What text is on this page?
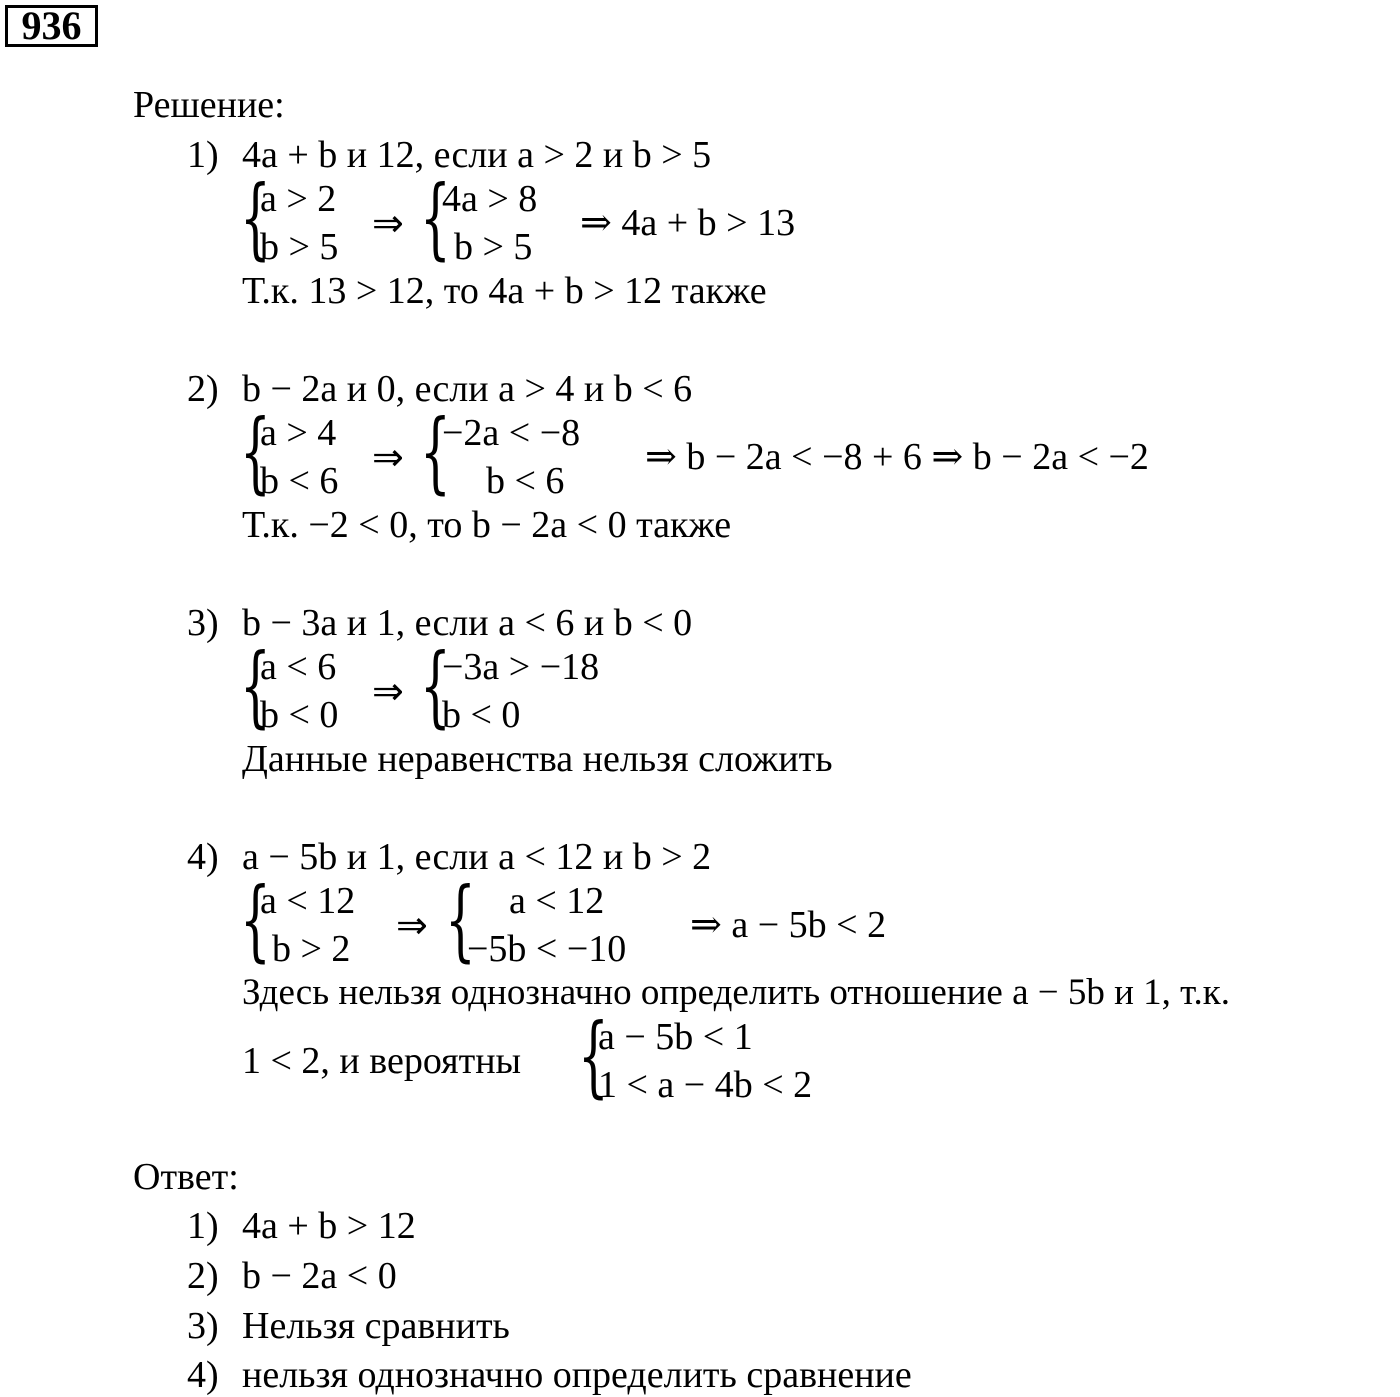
936
Решение:
1) 4a + b и 12, если a > 2 и b > 5
{
a > 2
b > 5
⇒ {
4a > 8
b > 5
⇒ 4a + b > 13
Т.к. 13 > 12, то 4a + b > 12 также
2) b − 2a и 0, если a > 4 и b < 6
{
a > 4
b < 6
⇒ {
−2a < −8
b < 6
⇒ b − 2a < −8 + 6 ⇒ b − 2a < −2
Т.к. −2 < 0, то b − 2a < 0 также
3) b − 3a и 1, если a < 6 и b < 0
{
a < 6
b < 0
⇒ {
−3a > −18
b < 0
Данные неравенства нельзя сложить
4) a − 5b и 1, если a < 12 и b > 2
{
a < 12
b > 2
⇒ { a < 12
−5b < −10
⇒ a − 5b < 2
Здесь нельзя однозначно определить отношение a − 5b и 1, т.к.
1 < 2, и вероятны {
a − 5b < 1
1 < a − 4b < 2
Ответ:
1) 4a + b > 12
2) b − 2a < 0
3) Нельзя сравнить
4) нельзя однозначно определить сравнение
